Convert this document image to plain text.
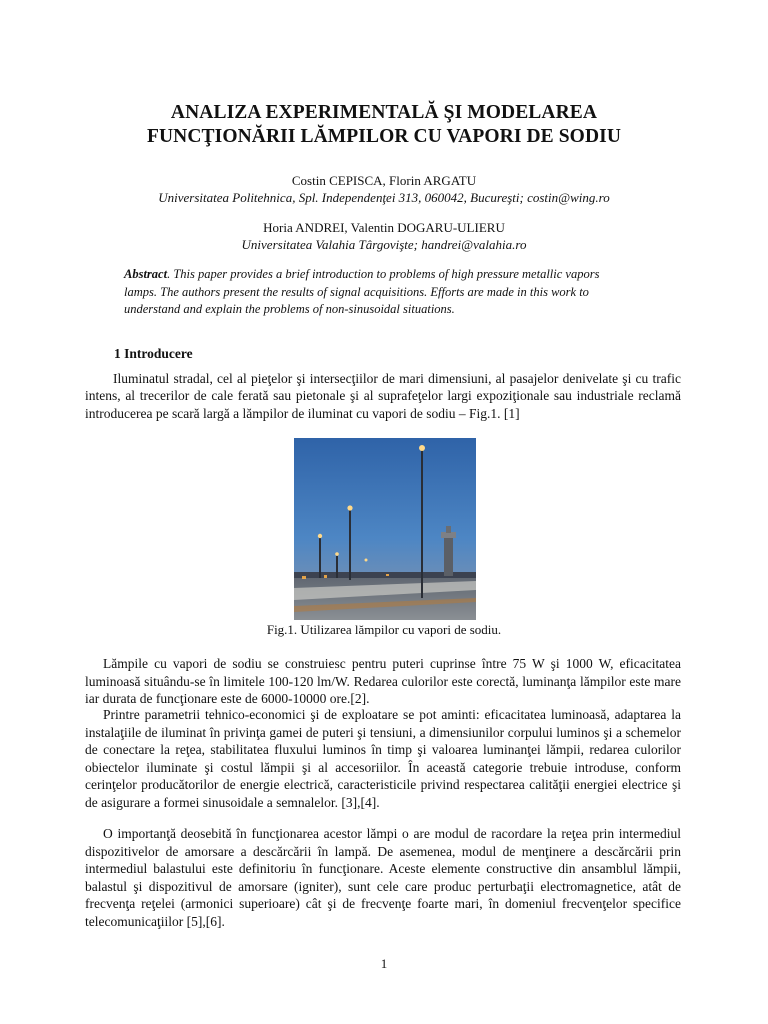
ANALIZA EXPERIMENTALĂ ŞI MODELAREA
FUNCŢIONĂRII LĂMPILOR CU VAPORI DE SODIU
Costin CEPISCA, Florin ARGATU
Universitatea Politehnica, Spl. Independenţei 313, 060042, Bucureşti; costin@wing.ro
Horia ANDREI, Valentin DOGARU-ULIERU
Universitatea Valahia Târgovişte; handrei@valahia.ro
Abstract. This paper provides a brief introduction to problems of high pressure metallic vapors lamps. The authors present the results of signal acquisitions. Efforts are made in this work to understand and explain the problems of non-sinusoidal situations.
1 Introducere
Iluminatul stradal, cel al pieţelor şi intersecţiilor de mari dimensiuni, al pasajelor denivelate şi cu trafic intens, al trecerilor de cale ferată sau pietonale şi al suprafeţelor largi expoziţionale sau industriale reclamă introducerea pe scară largă a lămpilor de iluminat cu vapori de sodiu – Fig.1. [1]
Fig.1. Utilizarea lămpilor cu vapori de sodiu.
Lămpile cu vapori de sodiu se construiesc pentru puteri cuprinse între 75 W şi 1000 W, eficacitatea luminoasă situându-se în limitele 100-120 lm/W. Redarea culorilor este corectă, luminanţa lămpilor este mare iar durata de funcţionare este de 6000-10000 ore.[2].
Printre parametrii tehnico-economici şi de exploatare se pot aminti: eficacitatea luminoasă, adaptarea la instalaţiile de iluminat în privinţa gamei de puteri şi tensiuni, a dimensiunilor corpului luminos şi a schemelor de conectare la reţea, stabilitatea fluxului luminos în timp şi valoarea luminanţei lămpii, redarea culorilor obiectelor iluminate şi costul lămpii şi al accesoriilor. În această categorie trebuie introduse, conform cerinţelor producătorilor de energie electrică, caracteristicile privind respectarea calităţii energiei electrice şi de asigurare a formei sinusoidale a semnalelor. [3],[4].
O importanţă deosebită în funcţionarea acestor lămpi o are modul de racordare la reţea prin intermediul dispozitivelor de amorsare a descărcării în lampă. De asemenea, modul de menţinere a descărcării prin intermediul balastului este definitoriu în funcţionare. Aceste elemente constructive din ansamblul lămpii, balastul şi dispozitivul de amorsare (igniter), sunt cele care produc perturbaţii electromagnetice, atât de frecvenţa reţelei (armonici superioare) cât şi de frecvenţe foarte mari, în domeniul frecvenţelor specifice telecomunicaţiilor [5],[6].
1
